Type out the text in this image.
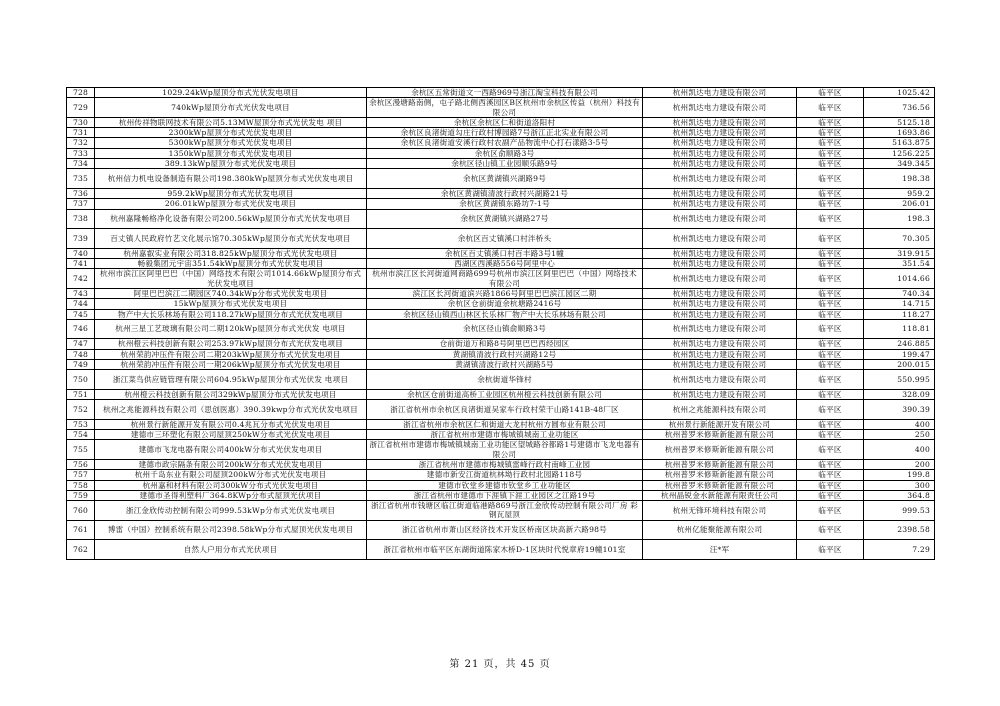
728	1029.24kWp屋顶分布式光伏发电项目	余杭区五常街道文一西路969号浙江淘宝科技有限公司	杭州凯达电力建设有限公司	临平区	1025.42
729	740kWp屋顶分布式光伏发电项目	余杭区漫塘路南侧，屯子路北侧西溪园区B区杭州市余杭区传益（杭州）科技有限公司	杭州凯达电力建设有限公司	临平区	736.56
730	杭州传祥物联网技术有限公司5.13MW屋顶分布式光伏发电 项目	余杭区余杭区仁和街道洛阳村	杭州凯达电力建设有限公司	临平区	5125.18
731	2300kWp屋顶分布式光伏发电项目	余杭区良渚街道勾庄行政村博园路7号浙江正北实业有限公司	杭州凯达电力建设有限公司	临平区	1693.86
732	5300kWp屋顶分布式光伏发电项目	余杭区良渚街道安溪行政村农副产品物流中心打石漾路3-5号	杭州凯达电力建设有限公司	临平区	5163.875
733	1350kWp屋顶分布式光伏发电项目	余杭区俞顺路3号	杭州凯达电力建设有限公司	临平区	1256.225
734	389.13kWp屋顶分布式光伏发电项目	余杭区径山镇工业园顺乐路9号	杭州凯达电力建设有限公司	临平区	349.345
735	杭州信力机电设备制造有限公司198.380kWp屋顶分布式光伏发电项目	余杭区黄湖镇兴湖路9号	杭州凯达电力建设有限公司	临平区	198.38
736	959.2kWp屋顶分布式光伏发电项目	余杭区黄湖镇清波行政村兴湖路21号	杭州凯达电力建设有限公司	临平区	959.2
737	206.01kWp屋顶分布式光伏发电项目	余杭区黄湖镇东路坊7-1号	杭州凯达电力建设有限公司	临平区	206.01
738	杭州嘉隆畅格净化设备有限公司200.56kWp屋顶分布式光伏发电项目	余杭区黄湖镇兴湖路27号	杭州凯达电力建设有限公司	临平区	198.3
739	百丈镇人民政府竹艺文化展示馆70.305kWp屋顶分布式光伏发电项目	余杭区百丈镇溪口村泮桥头	杭州凯达电力建设有限公司	临平区	70.305
740	杭州嘉叡实业有限公司318.825kWp屋顶分布式光伏发电项目	余杭区百丈镇溪口村百丰路3号1幢	杭州凯达电力建设有限公司	临平区	319.915
741	畅毅集团元宇宙351.54kWp屋顶分布式光伏发电项目	西湖区西溪路556号阿里中心	杭州凯达电力建设有限公司	临平区	351.54
742	杭州市滨江区阿里巴巴（中国）网络技术有限公司1014.66kWp屋顶分布式光伏发电项目	杭州市滨江区长河街道网商路699号杭州市滨江区阿里巴巴（中国）网络技术有限公司	杭州凯达电力建设有限公司	临平区	1014.66
743	阿里巴巴滨江二期园区740.34kWp分布式光伏发电项目	滨江区长河街道滨兴路1866号阿里巴巴滨江园区二期	杭州凯达电力建设有限公司	临平区	740.34
744	15kWp屋顶分布式光伏发电项目	余杭区仓前街道余杭塘路2416号	杭州凯达电力建设有限公司	临平区	14.715
745	物产中大长乐林场有限公司118.27kWp屋顶分布式光伏发电项目	余杭区径山镇西山林区长乐林厂物产中大长乐林场有限公司	杭州凯达电力建设有限公司	临平区	118.27
746	杭州三星工艺玻璃有限公司二期120kWp屋顶分布式光伏发 电项目	余杭区径山镇俞顺路3号	杭州凯达电力建设有限公司	临平区	118.81
747	杭州橙云科技创新有限公司253.97kWp屋顶分布式光伏发电项目	仓前街道万和路8号阿里巴巴西经园区	杭州凯达电力建设有限公司	临平区	246.885
748	杭州荣韵冲压件有限公司二期203kWp屋顶分布式光伏发电项目	黄湖镇清波行政村兴湖路12号	杭州凯达电力建设有限公司	临平区	199.47
749	杭州荣韵冲压件有限公司一期206kWp屋顶分布式光伏发电项目	黄湖镇清波行政村兴湖路5号	杭州凯达电力建设有限公司	临平区	200.015
750	浙江菜鸟供应链管理有限公司604.95kWp屋顶分布式光伏发 电项目	余杭街道华锋村	杭州凯达电力建设有限公司	临平区	550.995
751	杭州橙云科技创新有限公司329kWp屋顶分布式光伏发电项目	余杭区仓前街道高桥工业园区杭州橙云科技创新有限公司	杭州凯达电力建设有限公司	临平区	328.09
752	杭州之兆能源科技有限公司（思创医惠）390.39kwp分布式光伏发电项目	浙江省杭州市余杭区良渚街道吴家车行政村荣干山路141B-48厂区	杭州之兆能源科技有限公司	临平区	390.39
753	杭州景行新能源开发有限公司0.4兆瓦分布式光伏发电项目	浙江省杭州市余杭区仁和街道大龙村杭州方圆布业有限公司	杭州景行新能源开发有限公司	临平区	400
754	建德市三环塑化有限公司屋顶250kW分布式光伏发电项目	浙江省杭州市建德市梅城镇城南工业功能区	杭州普罗米修斯新能源有限公司	临平区	250
755	建德市飞龙电器有限公司400kW分布式光伏发电项目	浙江省杭州市建德市梅城镇城南工业功能区望城路谷都路1号建德市飞龙电器有限公司	杭州普罗米修斯新能源有限公司	临平区	400
756	建德市政宗隔条有限公司200kW分布式光伏发电项目	浙江省杭州市建德市梅城镇雷峰行政村南峰工业园	杭州普罗米修斯新能源有限公司	临平区	200
757	杭州千岛东业有限公司屋顶200kW分布式光伏发电项目	建德市新安江街道杭林坳行政村北园路118号	杭州普罗米修斯新能源有限公司	临平区	199.8
758	杭州嘉和材料有限公司300kW分布式光伏发电项目	建德市钦堂乡建德市钦堂乡工业功能区	杭州普罗米修斯新能源有限公司	临平区	300
759	建德市圣得利塑料厂364.8KWp分布式屋顶光伏项目	浙江省杭州市建德市下涯镇下涯工业园区之江路19号	杭州晶锐金水新能源有限责任公司	临平区	364.8
760	浙江金欣传动控制有限公司999.53kWp分布式光伏发电项目	浙江省杭州市钱塘区临江街道临港路869号浙江金欣传动控制有限公司厂房 彩钢瓦屋顶	杭州无锋环境科技有限公司	临平区	999.53
761	博雷（中国）控制系统有限公司2398.58kWp分布式屋顶光伏发电项目	浙江省杭州市萧山区经济技术开发区桥南区块高新六路98号	杭州亿能聚能源有限公司	临平区	2398.58
762	自然人户用分布式光伏项目	浙江省杭州市临平区东湖街道陈家木桥D-1区块时代悦章府19幢101室	汪*军	临平区	7.29
第 21 页，共 45 页
